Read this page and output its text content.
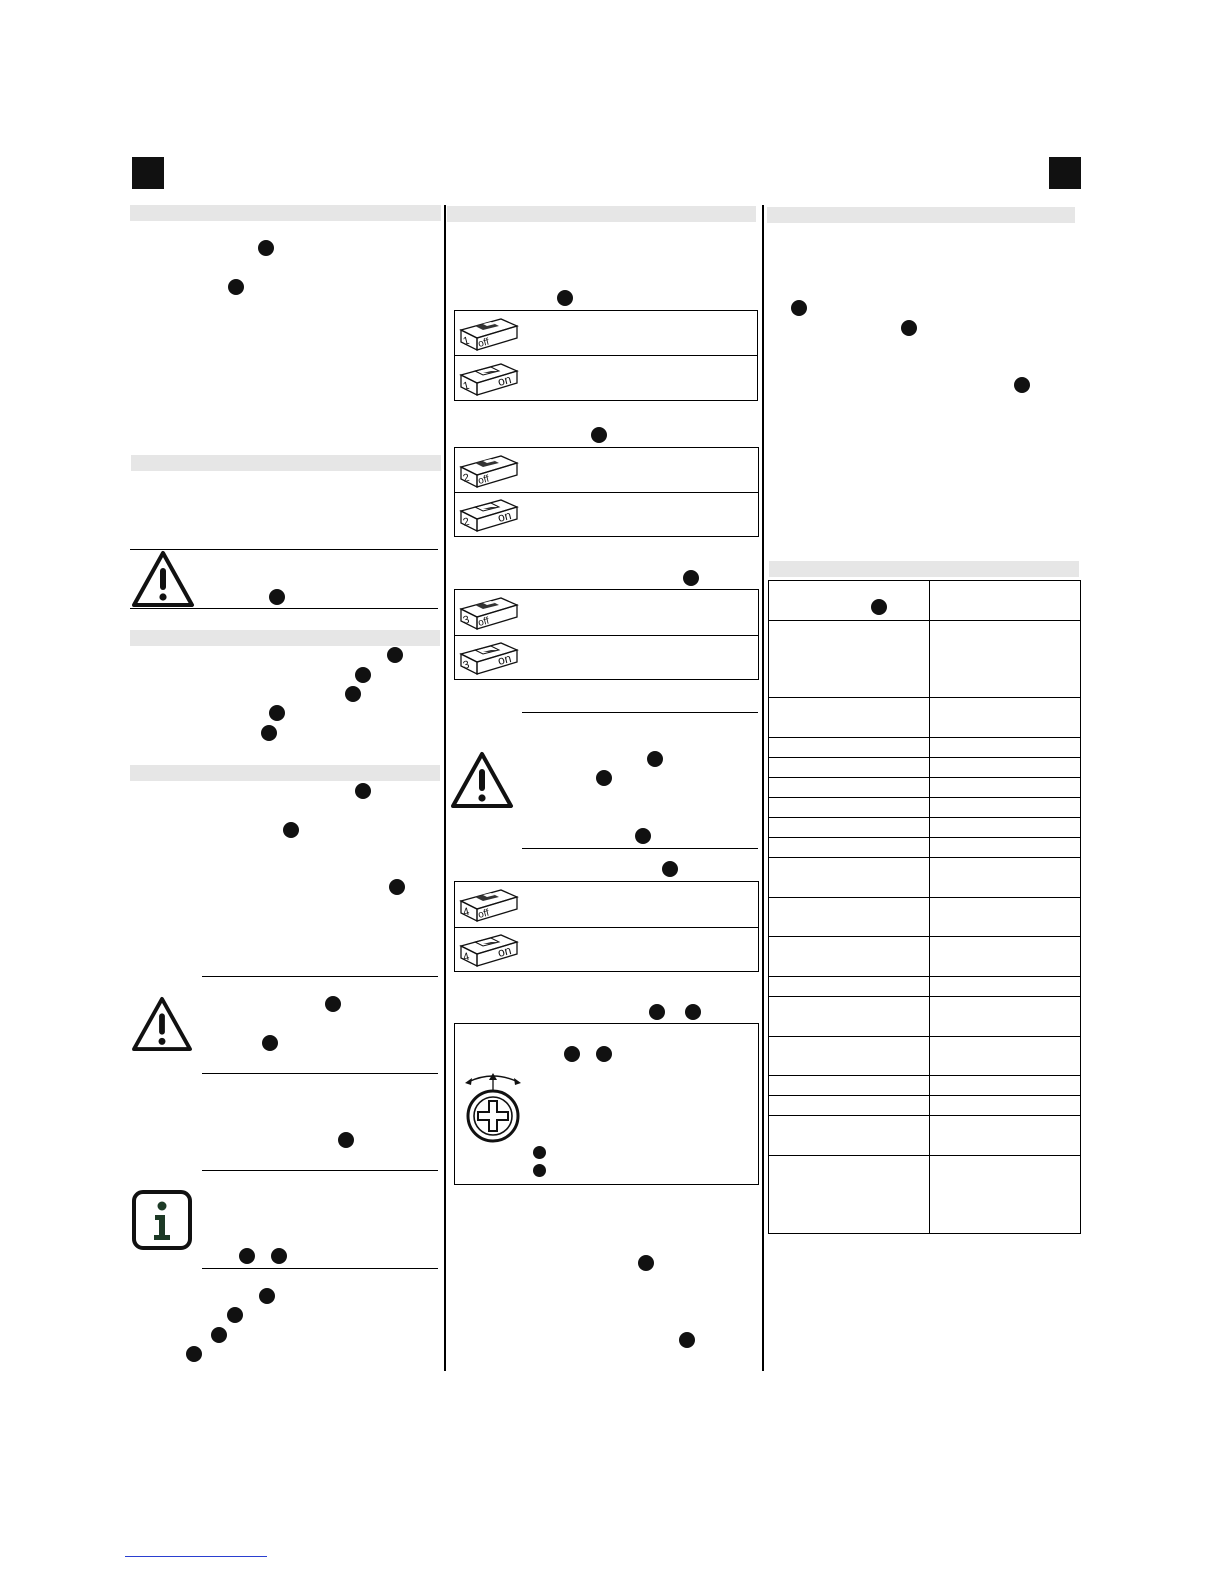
1 off
1 on
2 off
2 on
3 off
3 on
4 off
4 on
